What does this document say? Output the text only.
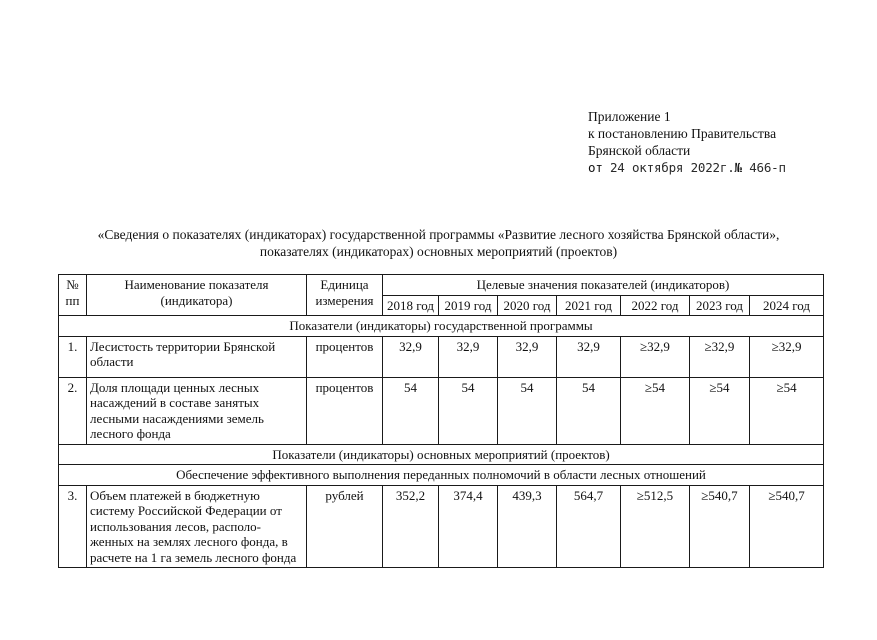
Приложение 1
к постановлению Правительства
Брянской области
от 24 октября 2022г.№ 466-п
«Сведения о показателях (индикаторах) государственной программы «Развитие лесного хозяйства Брянской области»,
показателях (индикаторах) основных мероприятий (проектов)
№ пп	Наименование показателя (индикатора)	Единица измерения	Целевые значения показателей (индикаторов)						
			2018 год	2019 год	2020 год	2021 год	2022 год	2023 год	2024 год
Показатели (индикаторы) государственной программы									
1.	Лесистость территории Брянской области	процентов	32,9	32,9	32,9	32,9	≥32,9	≥32,9	≥32,9
2.	Доля площади ценных лесных насаждений в составе занятых лесными насаждениями земель лесного фонда	процентов	54	54	54	54	≥54	≥54	≥54
Показатели (индикаторы) основных мероприятий (проектов)									
Обеспечение эффективного выполнения переданных полномочий в области лесных отношений									
3.	Объем платежей в бюджетную систему Российской Федерации от использования лесов, располо-женных на землях лесного фонда, в расчете на 1 га земель лесного фонда	рублей	352,2	374,4	439,3	564,7	≥512,5	≥540,7	≥540,7
